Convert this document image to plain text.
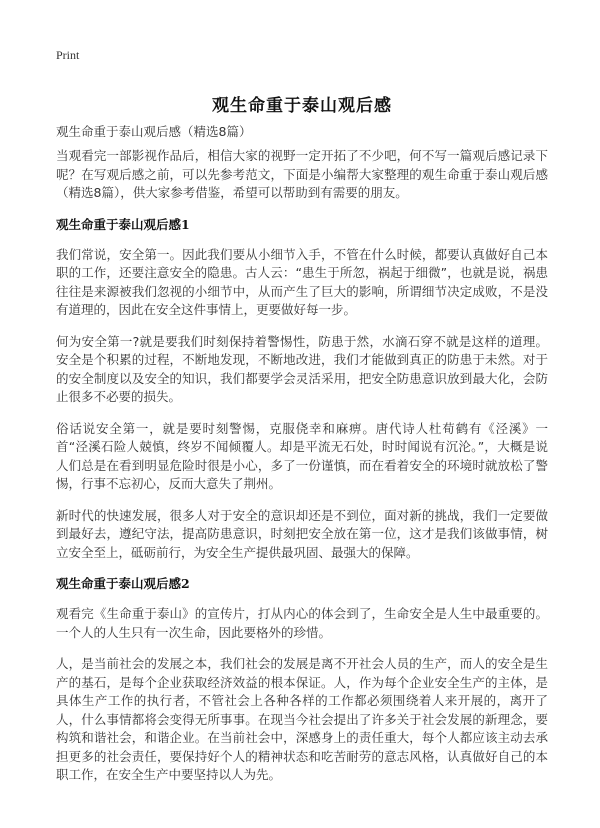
Print
观生命重于泰山观后感
观生命重于泰山观后感（精选8篇）

当观看完一部影视作品后，相信大家的视野一定开拓了不少吧，何不写一篇观后感记录下呢？在写观后感之前，可以先参考范文，下面是小编帮大家整理的观生命重于泰山观后感（精选8篇），供大家参考借鉴，希望可以帮助到有需要的朋友。

观生命重于泰山观后感1

我们常说，安全第一。因此我们要从小细节入手，不管在什么时候，都要认真做好自己本职的工作，还要注意安全的隐患。古人云：“患生于所忽，祸起于细微”，也就是说，祸患往往是来源被我们忽视的小细节中，从而产生了巨大的影响，所谓细节决定成败，不是没有道理的，因此在安全这件事情上，更要做好每一步。

何为安全第一?就是要我们时刻保持着警惕性，防患于然，水滴石穿不就是这样的道理。安全是个积累的过程，不断地发现，不断地改进，我们才能做到真正的防患于未然。对于的安全制度以及安全的知识，我们都要学会灵活采用，把安全防患意识放到最大化，会防止很多不必要的损失。

俗话说安全第一，就是要时刻警惕，克服侥幸和麻痹。唐代诗人杜荀鹤有《泾溪》一首“泾溪石险人兢慎，终岁不闻倾覆人。却是平流无石处，时时闻说有沉沦。”，大概是说人们总是在看到明显危险时很是小心，多了一份谨慎，而在看着安全的环境时就放松了警惕，行事不忘初心，反而大意失了荆州。

新时代的快速发展，很多人对于安全的意识却还是不到位，面对新的挑战，我们一定要做到最好去，遵纪守法，提高防患意识，时刻把安全放在第一位，这才是我们该做事情，树立安全至上，砥砺前行，为安全生产提供最巩固、最强大的保障。

观生命重于泰山观后感2

观看完《生命重于泰山》的宣传片，打从内心的体会到了，生命安全是人生中最重要的。一个人的人生只有一次生命，因此要格外的珍惜。

人，是当前社会的发展之本，我们社会的发展是离不开社会人员的生产，而人的安全是生产的基石，是每个企业获取经济效益的根本保证。人，作为每个企业安全生产的主体，是具体生产工作的执行者，不管社会上各种各样的工作都必须围绕着人来开展的，离开了人，什么事情都将会变得无所事事。在现当今社会提出了许多关于社会发展的新理念，要构筑和谐社会，和谐企业。在当前社会中，深感身上的责任重大，每个人都应该主动去承担更多的社会责任，要保持好个人的精神状态和吃苦耐劳的意志风格，认真做好自己的本职工作，在安全生产中要坚持以人为先。
